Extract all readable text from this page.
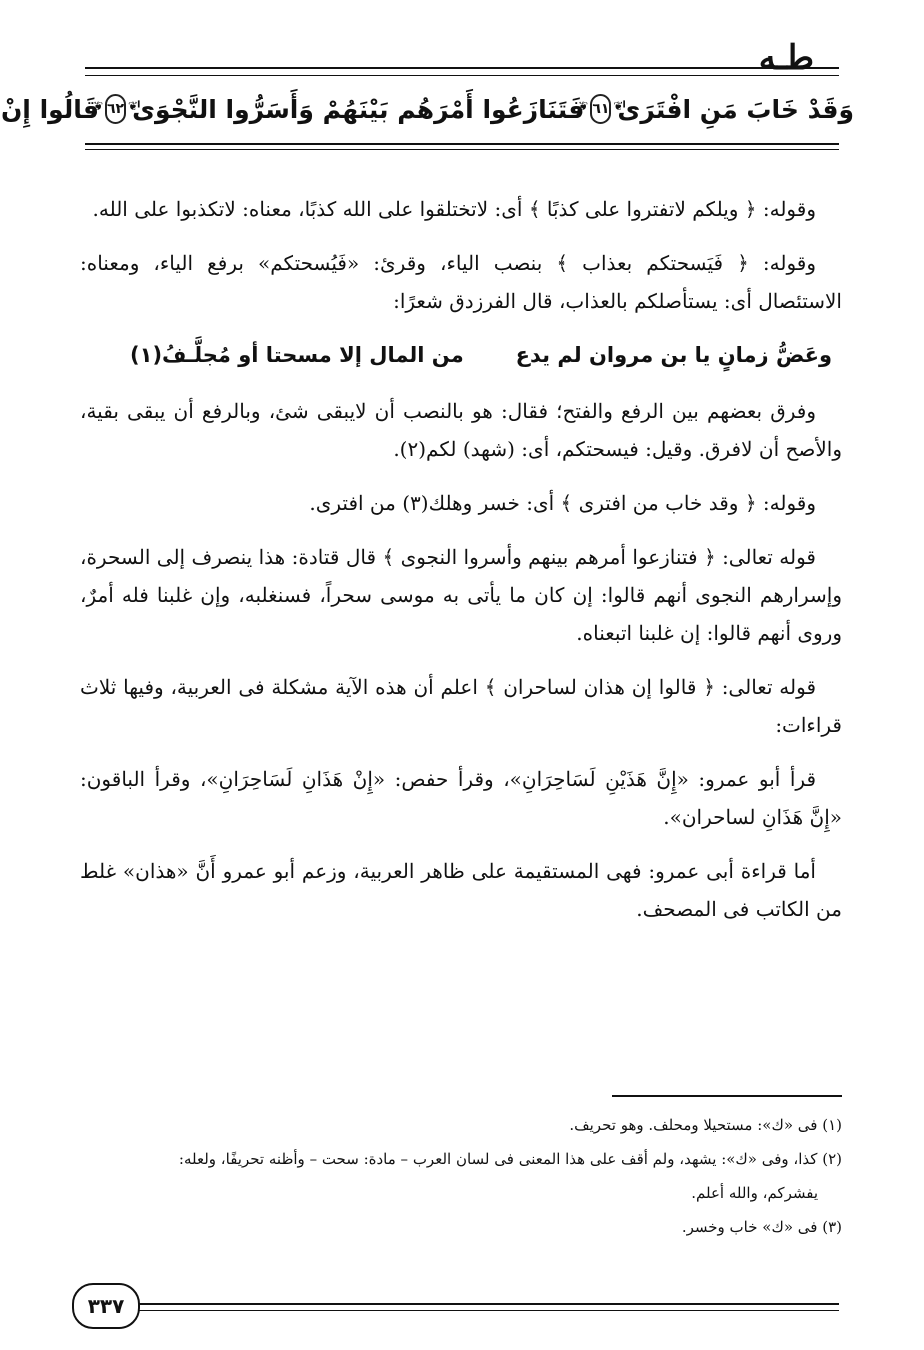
طـه
وَقَدْ خَابَ مَنِ افْتَرَىٰ
❦ ٦١ ❦
فَتَنَازَعُوا أَمْرَهُم بَيْنَهُمْ وَأَسَرُّوا النَّجْوَىٰ
❦ ٦٢ ❦
قَالُوا إِنْ

وقوله: ﴿ ويلكم لاتفتروا على كذبًا ﴾ أى: لاتختلقوا على الله كذبًا، معناه: لاتكذبوا على الله.

وقوله: ﴿ فَيَسحتكم بعذاب ﴾ بنصب الياء، وقرئ: «فَيُسحتكم» برفع الياء، ومعناه: الاستئصال أى: يستأصلكم بالعذاب، قال الفرزدق شعرًا:

وعَضُّ زمانٍ يا بن مروان لم يدع
من المال إلا مسحتا أو مُجلَّـفُ(١)

وفرق بعضهم بين الرفع والفتح؛ فقال: هو بالنصب أن لايبقى شئ، وبالرفع أن يبقى بقية، والأصح أن لافرق. وقيل: فيسحتكم، أى: (شهد) لكم(٢).

وقوله: ﴿ وقد خاب من افترى ﴾ أى: خسر وهلك(٣) من افترى.

قوله تعالى: ﴿ فتنازعوا أمرهم بينهم وأسروا النجوى ﴾ قال قتادة: هذا ينصرف إلى السحرة، وإسرارهم النجوى أنهم قالوا: إن كان ما يأتى به موسى سحراً، فسنغلبه، وإن غلبنا فله أمرٌ، وروى أنهم قالوا: إن غلبنا اتبعناه.

قوله تعالى: ﴿ قالوا إن هذان لساحران ﴾ اعلم أن هذه الآية مشكلة فى العربية، وفيها ثلاث قراءات:

قرأ أبو عمرو: «إِنَّ هَذَيْنِ لَسَاحِرَانِ»، وقرأ حفص: «إِنْ هَذَانِ لَسَاحِرَانِ»، وقرأ الباقون: «إِنَّ هَذَانِ لساحران».

أما قراءة أبى عمرو: فهى المستقيمة على ظاهر العربية، وزعم أبو عمرو أَنَّ «هذان» غلط من الكاتب فى المصحف.

(١) فى «ك»: مستحيلا ومحلف. وهو تحريف.
(٢) كذا، وفى «ك»: يشهد، ولم أقف على هذا المعنى فى لسان العرب – مادة: سحت – وأظنه تحريفًا، ولعله:
يفشركم، والله أعلم.
(٣) فى «ك» خاب وخسر.
٣٣٧
